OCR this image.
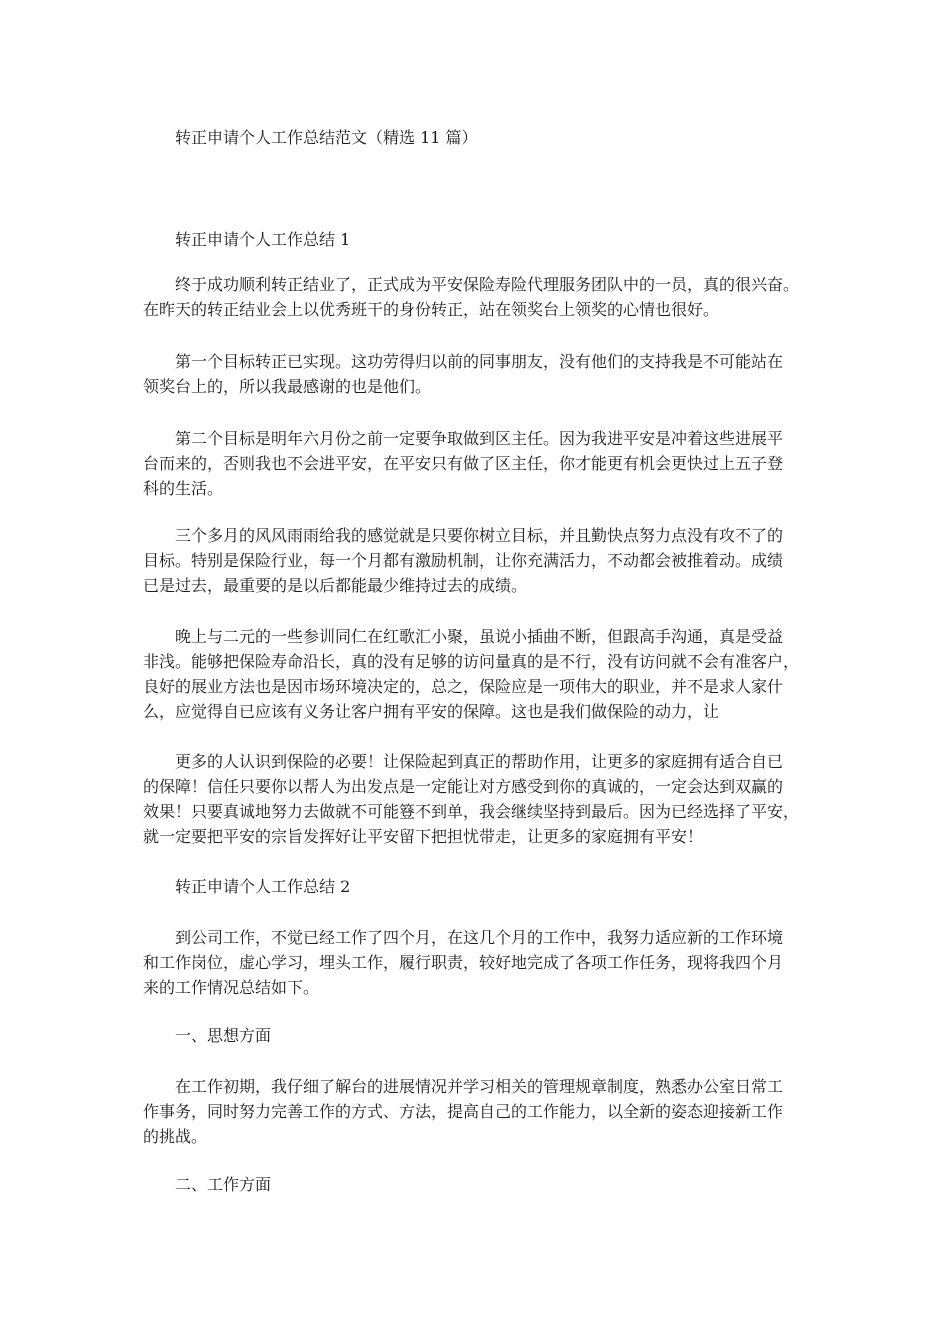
转正申请个人工作总结范文（精选 11 篇）
转正申请个人工作总结 1
终于成功顺利转正结业了，正式成为平安保险寿险代理服务团队中的一员，真的很兴奋。
在昨天的转正结业会上以优秀班干的身份转正，站在领奖台上领奖的心情也很好。
第一个目标转正已实现。这功劳得归以前的同事朋友，没有他们的支持我是不可能站在
领奖台上的，所以我最感谢的也是他们。
第二个目标是明年六月份之前一定要争取做到区主任。因为我进平安是冲着这些进展平
台而来的，否则我也不会进平安，在平安只有做了区主任，你才能更有机会更快过上五子登
科的生活。
三个多月的风风雨雨给我的感觉就是只要你树立目标，并且勤快点努力点没有攻不了的
目标。特别是保险行业，每一个月都有激励机制，让你充满活力，不动都会被推着动。成绩
已是过去，最重要的是以后都能最少维持过去的成绩。
晚上与二元的一些参训同仁在红歌汇小聚，虽说小插曲不断，但跟高手沟通，真是受益
非浅。能够把保险寿命沿长，真的没有足够的访问量真的是不行，没有访问就不会有准客户，
良好的展业方法也是因市场环境决定的，总之，保险应是一项伟大的职业，并不是求人家什
么，应觉得自已应该有义务让客户拥有平安的保障。这也是我们做保险的动力，让
更多的人认识到保险的必要！让保险起到真正的帮助作用，让更多的家庭拥有适合自已
的保障！信任只要你以帮人为出发点是一定能让对方感受到你的真诚的，一定会达到双赢的
效果！只要真诚地努力去做就不可能簦不到单，我会继续坚持到最后。因为已经选择了平安，
就一定要把平安的宗旨发挥好让平安留下把担忧带走，让更多的家庭拥有平安！
转正申请个人工作总结 2
到公司工作，不觉已经工作了四个月，在这几个月的工作中，我努力适应新的工作环境
和工作岗位，虚心学习，埋头工作，履行职责，较好地完成了各项工作任务，现将我四个月
来的工作情况总结如下。
一、思想方面
在工作初期，我仔细了解台的进展情况并学习相关的管理规章制度，熟悉办公室日常工
作事务，同时努力完善工作的方式、方法，提高自己的工作能力，以全新的姿态迎接新工作
的挑战。
二、工作方面
